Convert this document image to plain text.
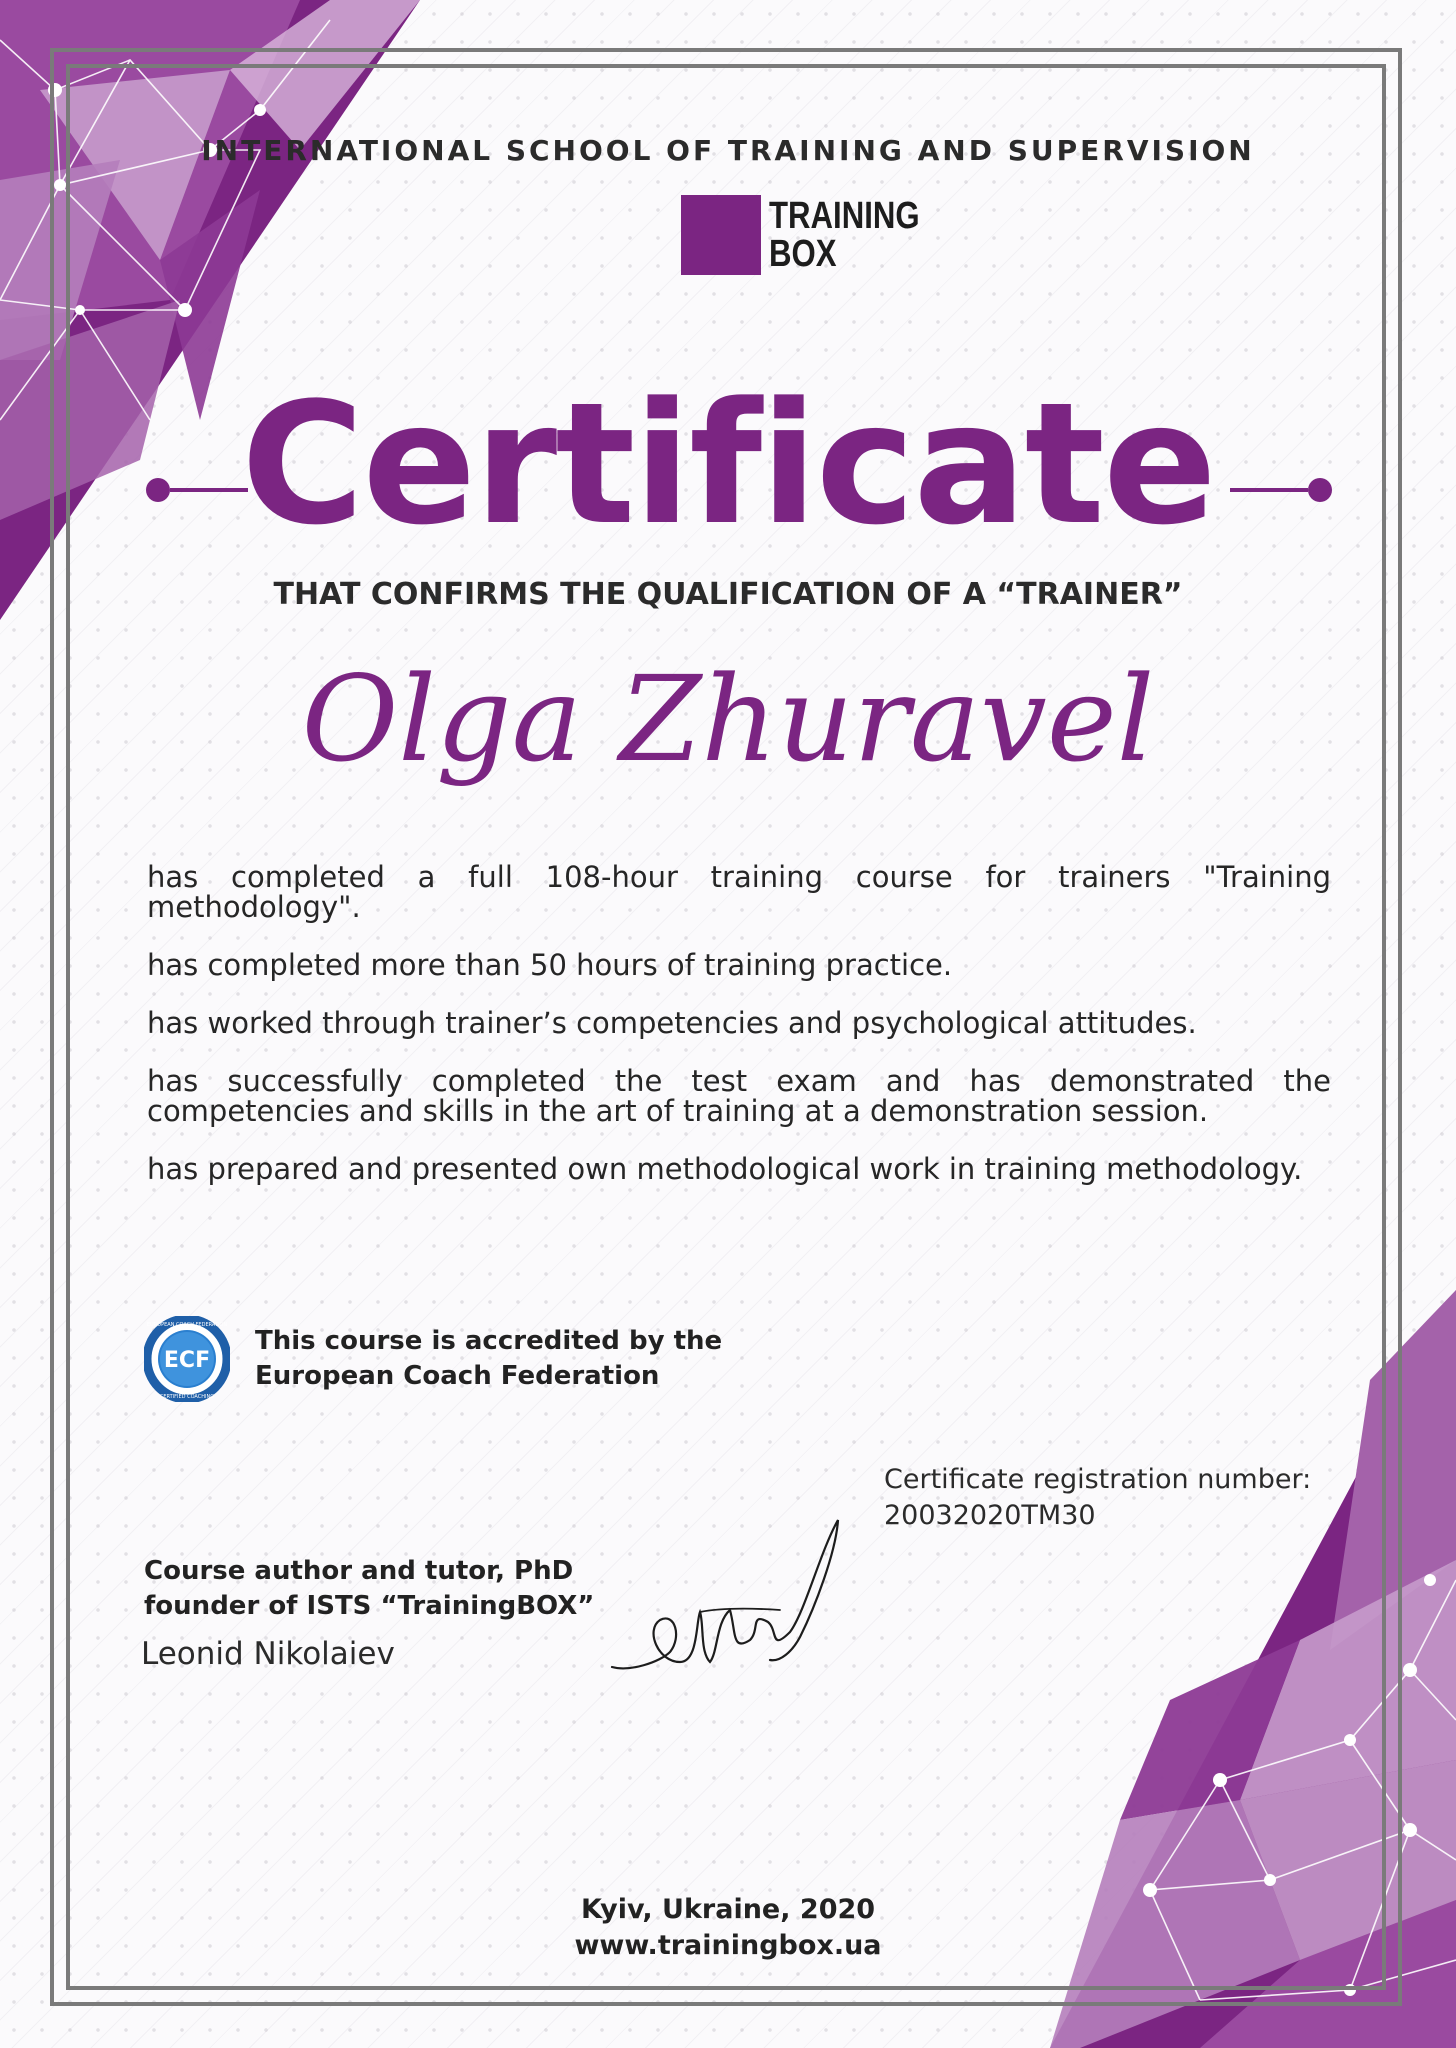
INTERNATIONAL SCHOOL OF TRAINING AND SUPERVISION
TRAINING
BOX
Certificate
THAT CONFIRMS THE QUALIFICATION OF A “TRAINER”
Olga Zhuravel

has completed a full 108-hour training course for trainers "Training methodology".

has completed more than 50 hours of training practice.

has worked through trainer’s competencies and psychological attitudes.

has successfully completed the test exam and has demonstrated the competencies and skills in the art of training at a demonstration session.

has prepared and presented own methodological work in training methodology.

ECF
EUROPEAN COACH FEDERATION
CERTIFIED COACHING
This course is accredited by the
European Coach Federation
Certificate registration number:
20032020TM30
Course author and tutor, PhD
founder of ISTS “TrainingBOX”
Leonid Nikolaiev
Kyiv, Ukraine, 2020
www.trainingbox.ua
